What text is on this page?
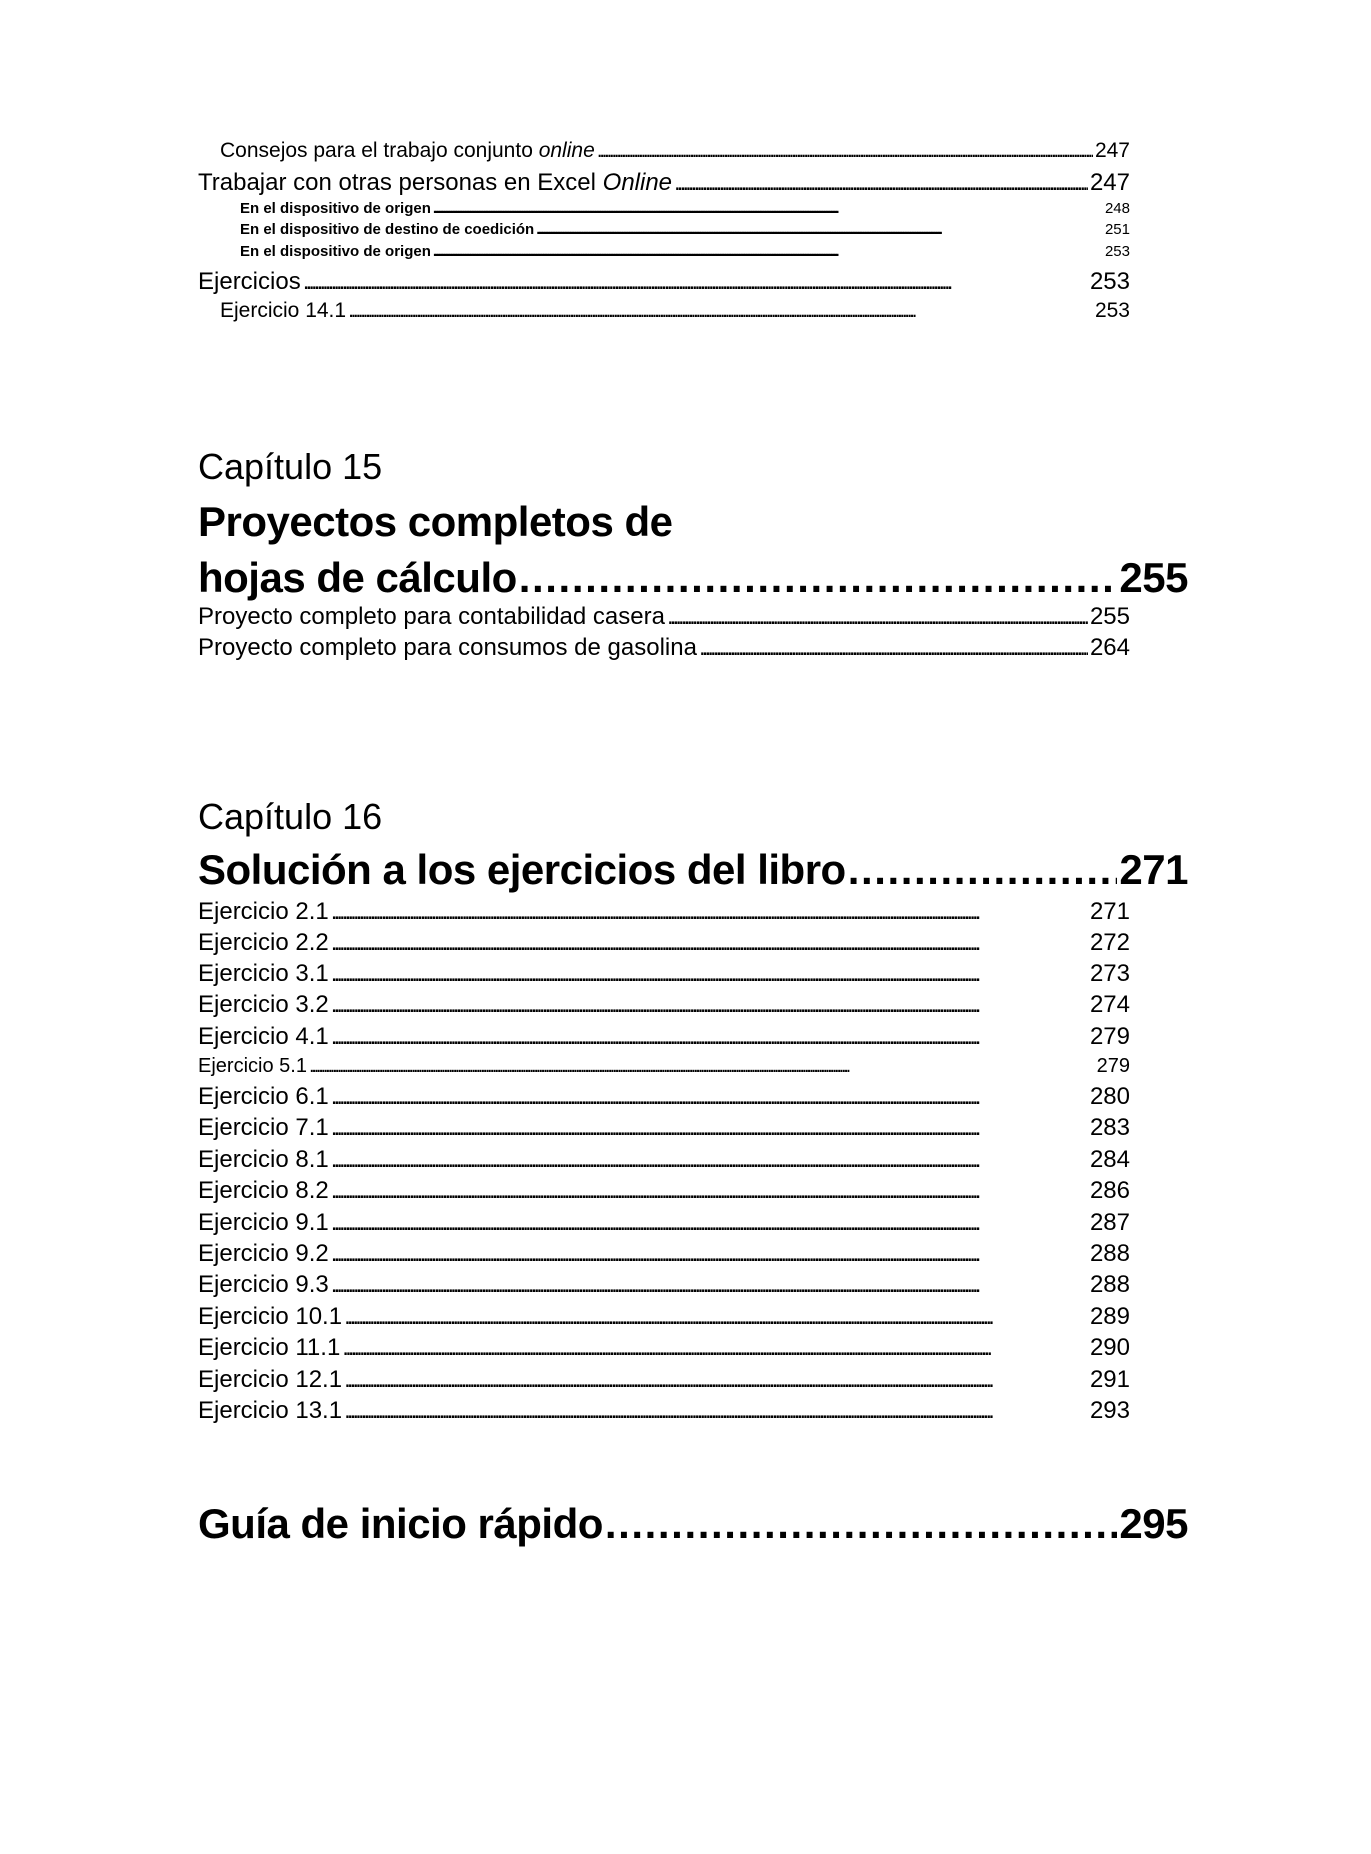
Consejos para el trabajo conjunto online . . .	247
Trabajar con otras personas en Excel Online . . .	247
En el dispositivo de origen . . .	248
En el dispositivo de destino de coedición . . .	251
En el dispositivo de origen . . .	253
Ejercicios . . .	253
Ejercicio 14.1 . . .	253
Capítulo 15
Proyectos completos de
hojas de cálculo . . .	255
Proyecto completo para contabilidad casera . . .	255
Proyecto completo para consumos de gasolina . . .	264
Capítulo 16
Solución a los ejercicios del libro . . .	271
Ejercicio 2.1 . . .	271
Ejercicio 2.2 . . .	272
Ejercicio 3.1 . . .	273
Ejercicio 3.2 . . .	274
Ejercicio 4.1 . . .	279
Ejercicio 5.1 . . .	279
Ejercicio 6.1 . . .	280
Ejercicio 7.1 . . .	283
Ejercicio 8.1 . . .	284
Ejercicio 8.2 . . .	286
Ejercicio 9.1 . . .	287
Ejercicio 9.2 . . .	288
Ejercicio 9.3 . . .	288
Ejercicio 10.1 . . .	289
Ejercicio 11.1 . . .	290
Ejercicio 12.1 . . .	291
Ejercicio 13.1 . . .	293
Guía de inicio rápido . . .	295
